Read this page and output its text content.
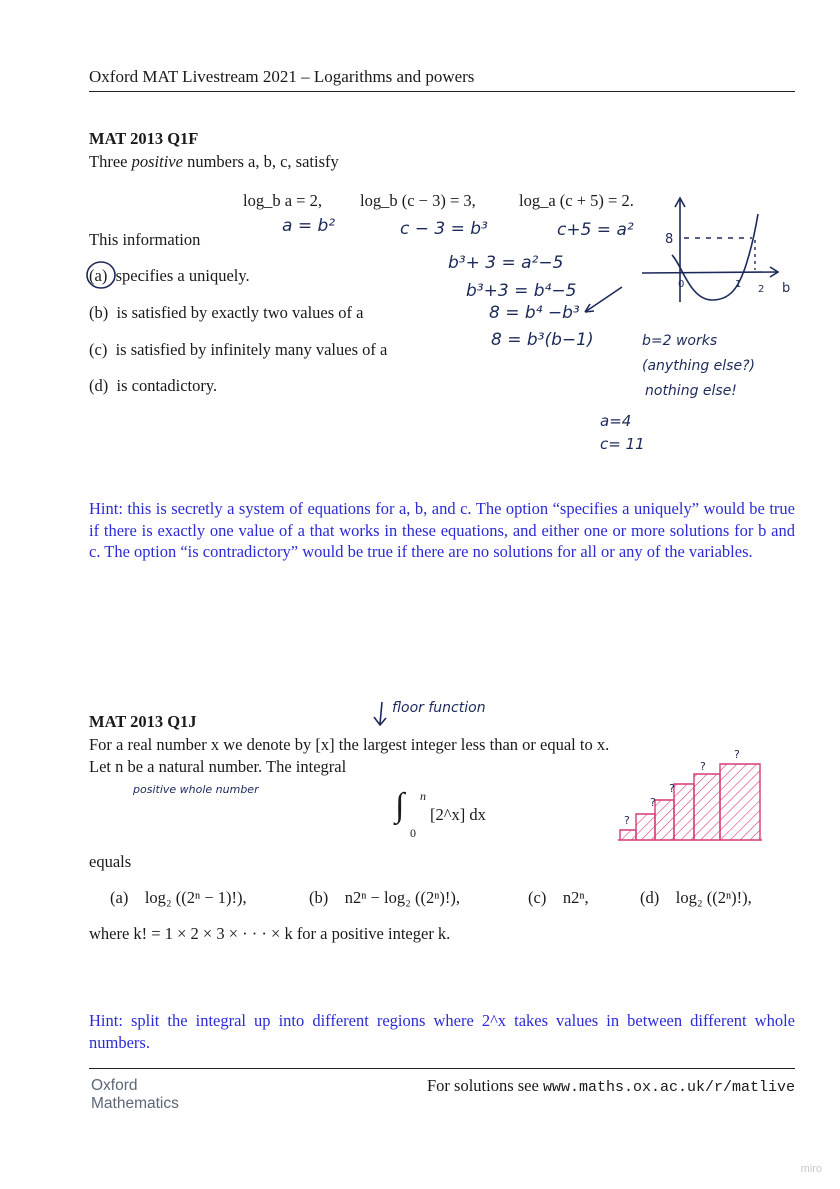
Oxford MAT Livestream 2021 – Logarithms and powers
MAT 2013 Q1F
Three positive numbers a, b, c, satisfy
log_b a = 2, log_b (c − 3) = 3,	log_a (c + 5) = 2.
This information
(a) specifies a uniquely.
(b) is satisfied by exactly two values of a
(c) is satisfied by infinitely many values of a
(d) is contadictory.
a = b²	c − 3 = b³	c+5 = a²
b³+ 3 = a²−5
b³+3 = b⁴−5
8 = b⁴ −b³
8 = b³(b−1)	b=2 works
(anything else?)
nothing else!
a=4
c= 11
8
0	1 2 b
Hint: this is secretly a system of equations for a, b, and c. The option “specifies a uniquely” would be true if there is exactly one value of a that works in these equations, and either one or more solutions for b and c. The option “is contradictory” would be true if there are no solutions for all or any of the variables.
MAT 2013 Q1J
For a real number x we denote by [x] the largest integer less than or equal to x.
Let n be a natural number. The integral
∫ n
0
[2^x] dx
equals
(a) log₂ ((2ⁿ − 1)!),	(b) n2ⁿ − log₂ ((2ⁿ)!),	(c) n2ⁿ,	(d) log₂ ((2ⁿ)!),
where k! = 1 × 2 × 3 × · · · × k for a positive integer k.
floor function
positive whole number
?
?
?
?
?
Hint: split the integral up into different regions where 2^x takes values in between different whole numbers.
Oxford
Mathematics
For solutions see www.maths.ox.ac.uk/r/matlive
miro
